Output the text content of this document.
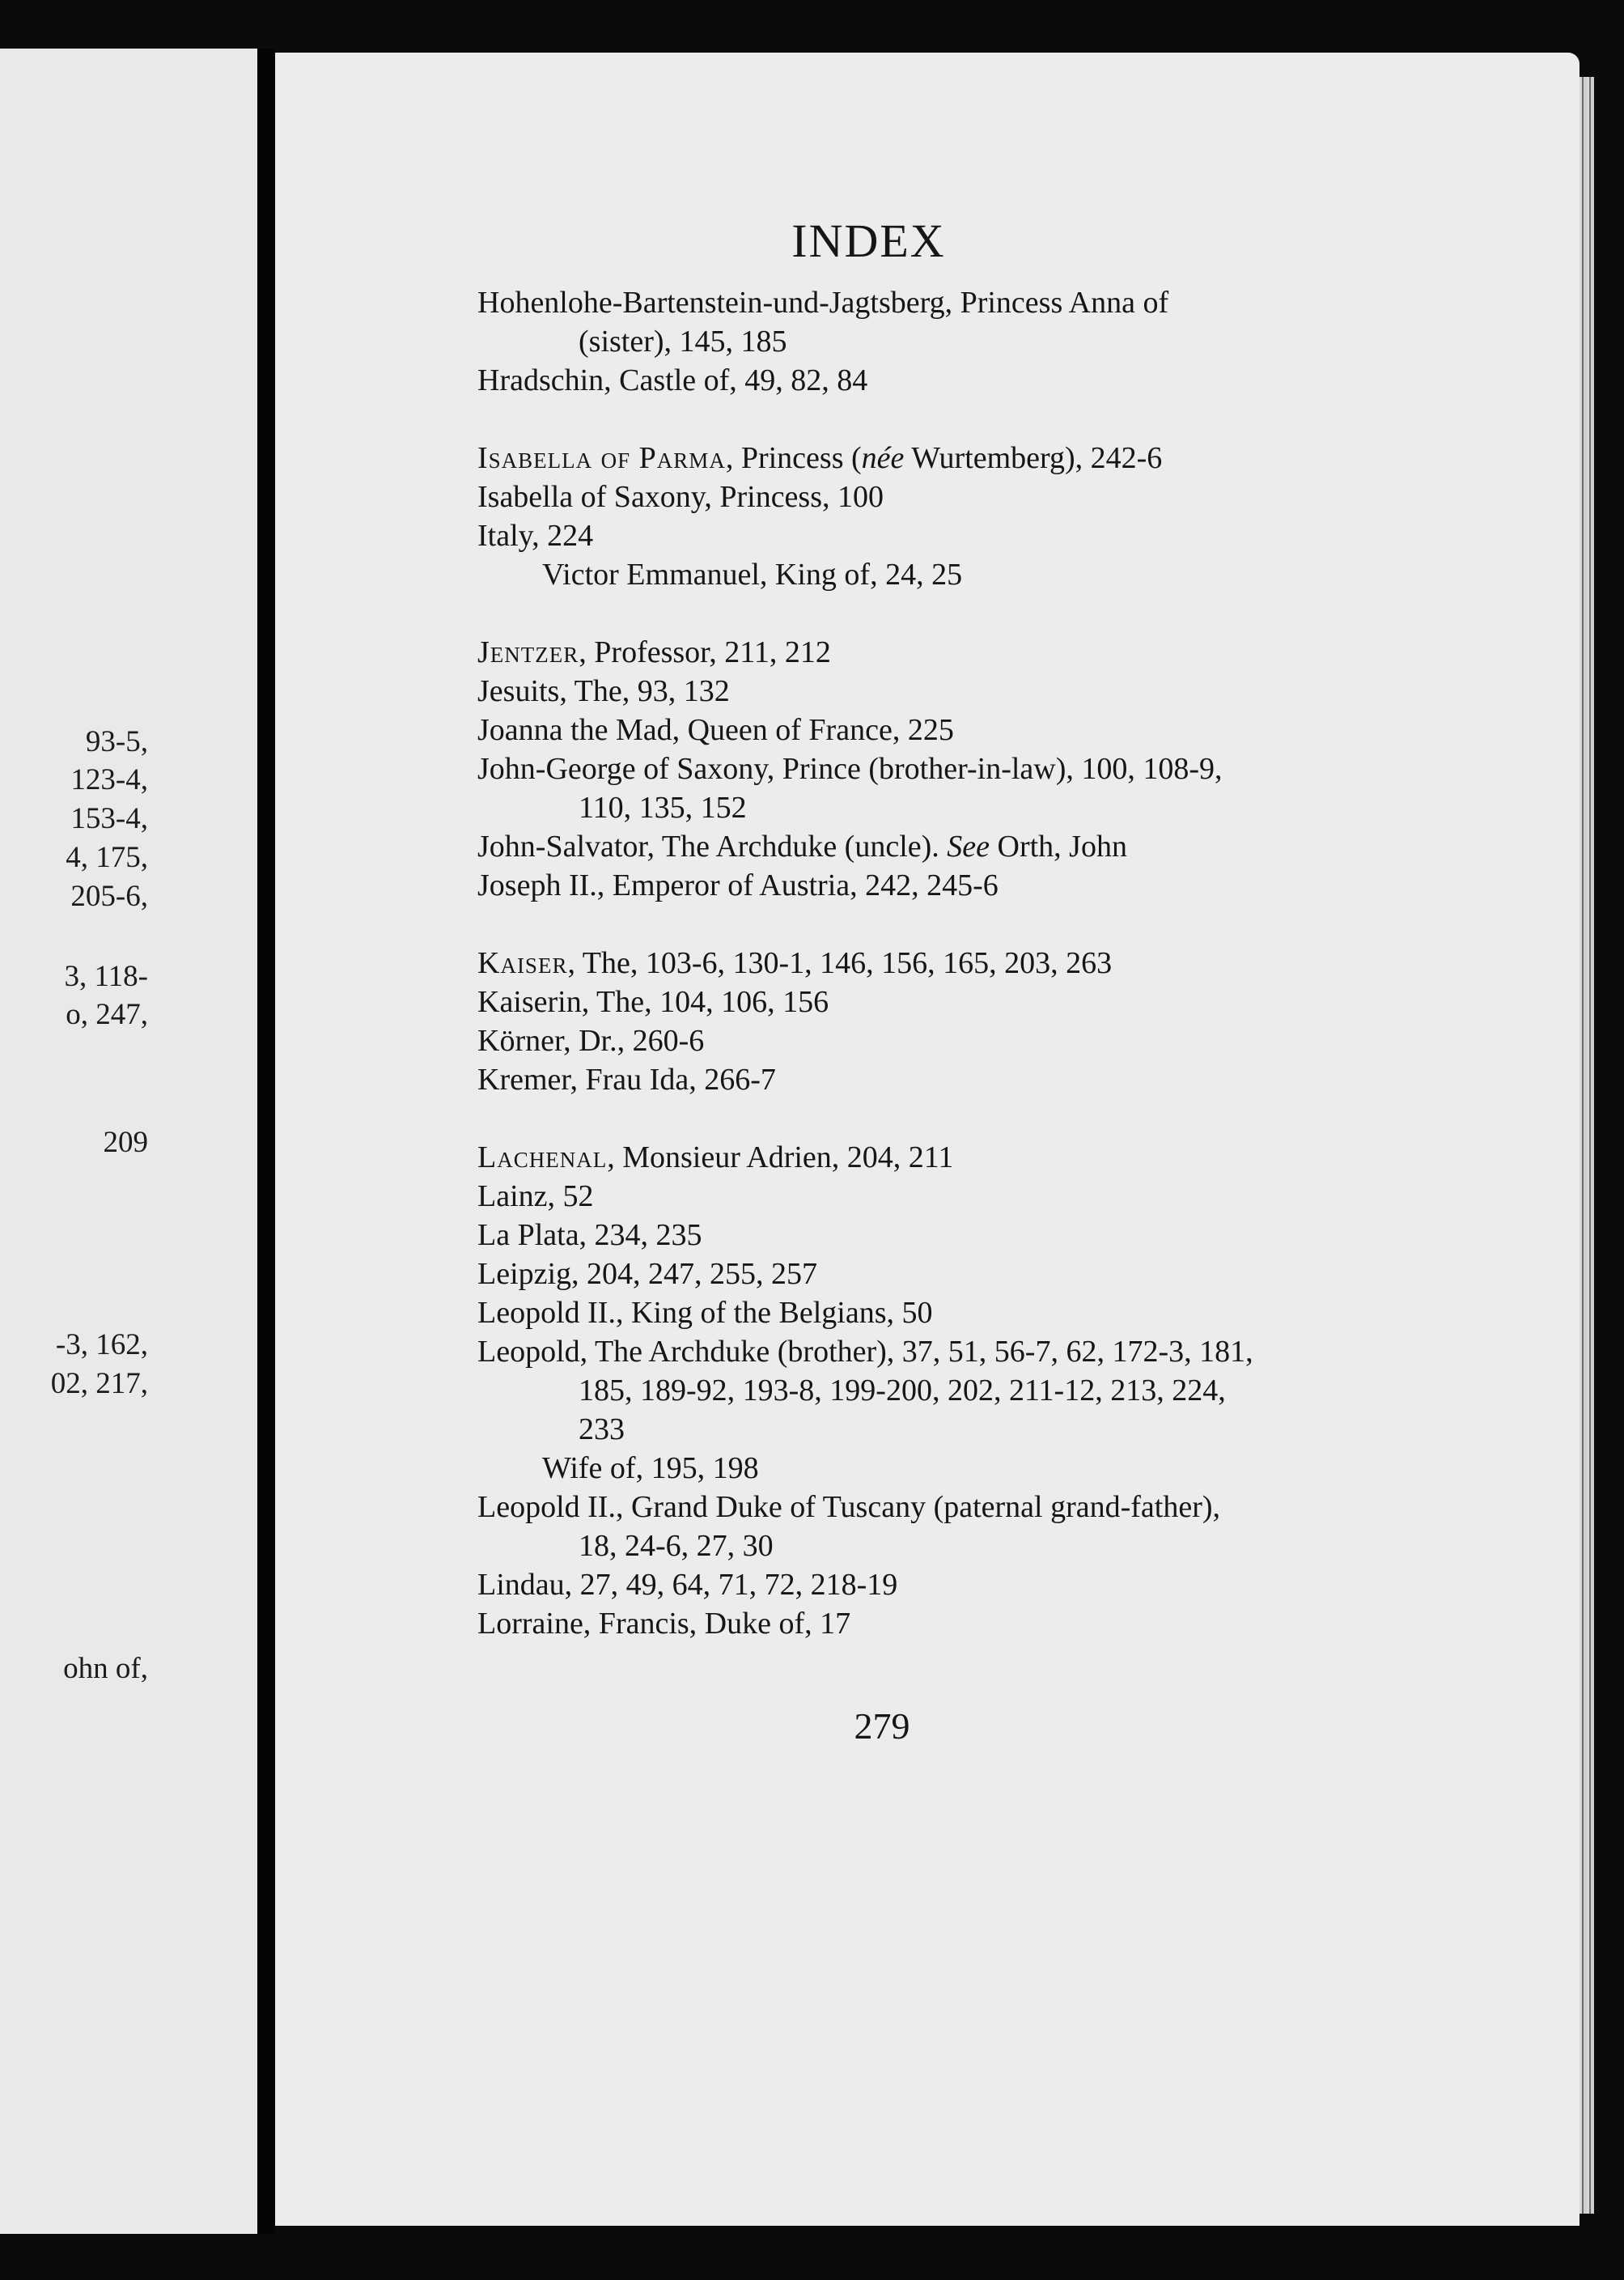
93-5,
123-4,
153-4,
4, 175,
205-6,
3, 118-
o, 247,
209
-3, 162,
02, 217,
ohn of,
INDEX
Hohenlohe-Bartenstein-und-Jagtsberg, Princess Anna of (sister), 145, 185
Hradschin, Castle of, 49, 82, 84
Isabella of Parma, Princess (née Wurtemberg), 242-6
Isabella of Saxony, Princess, 100
Italy, 224
Victor Emmanuel, King of, 24, 25
Jentzer, Professor, 211, 212
Jesuits, The, 93, 132
Joanna the Mad, Queen of France, 225
John-George of Saxony, Prince (brother-in-law), 100, 108-9, 110, 135, 152
John-Salvator, The Archduke (uncle). See Orth, John
Joseph II., Emperor of Austria, 242, 245-6
Kaiser, The, 103-6, 130-1, 146, 156, 165, 203, 263
Kaiserin, The, 104, 106, 156
Körner, Dr., 260-6
Kremer, Frau Ida, 266-7
Lachenal, Monsieur Adrien, 204, 211
Lainz, 52
La Plata, 234, 235
Leipzig, 204, 247, 255, 257
Leopold II., King of the Belgians, 50
Leopold, The Archduke (brother), 37, 51, 56-7, 62, 172-3, 181, 185, 189-92, 193-8, 199-200, 202, 211-12, 213, 224, 233
Wife of, 195, 198
Leopold II., Grand Duke of Tuscany (paternal grand-father), 18, 24-6, 27, 30
Lindau, 27, 49, 64, 71, 72, 218-19
Lorraine, Francis, Duke of, 17
279
